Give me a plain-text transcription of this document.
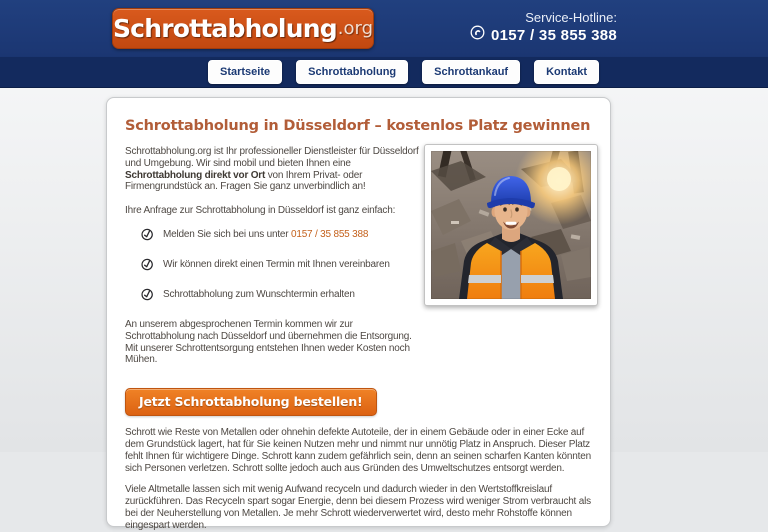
Schrottabholung .org
Service-Hotline:
0157 / 35 855 388
Startseite	Schrottabholung	Schrottankauf	Kontakt
Schrottabholung in Düsseldorf – kostenlos Platz gewinnen

Schrottabholung.org ist Ihr professioneller Dienstleister für Düsseldorf und Umgebung. Wir sind mobil und bieten Ihnen eine Schrottabholung direkt vor Ort von Ihrem Privat- oder Firmengrundstück an. Fragen Sie ganz unverbindlich an!

Ihre Anfrage zur Schrottabholung in Düsseldorf ist ganz einfach:

Melden Sie sich bei uns unter 0157 / 35 855 388
Wir können direkt einen Termin mit Ihnen vereinbaren
Schrottabholung zum Wunschtermin erhalten

An unserem abgesprochenen Termin kommen wir zur Schrottabholung nach Düsseldorf und übernehmen die Entsorgung. Mit unserer Schrottentsorgung entstehen Ihnen weder Kosten noch Mühen.

Jetzt Schrottabholung bestellen!

Schrott wie Reste von Metallen oder ohnehin defekte Autoteile, der in einem Gebäude oder in einer Ecke auf dem Grundstück lagert, hat für Sie keinen Nutzen mehr und nimmt nur unnötig Platz in Anspruch. Dieser Platz fehlt Ihnen für wichtigere Dinge. Schrott kann zudem gefährlich sein, denn an seinen scharfen Kanten könnten sich Personen verletzen. Schrott sollte jedoch auch aus Gründen des Umweltschutzes entsorgt werden.

Viele Altmetalle lassen sich mit wenig Aufwand recyceln und dadurch wieder in den Wertstoffkreislauf zurückführen. Das Recyceln spart sogar Energie, denn bei diesem Prozess wird weniger Strom verbraucht als bei der Neuherstellung von Metallen. Je mehr Schrott wiederverwertet wird, desto mehr Rohstoffe können eingespart werden.
